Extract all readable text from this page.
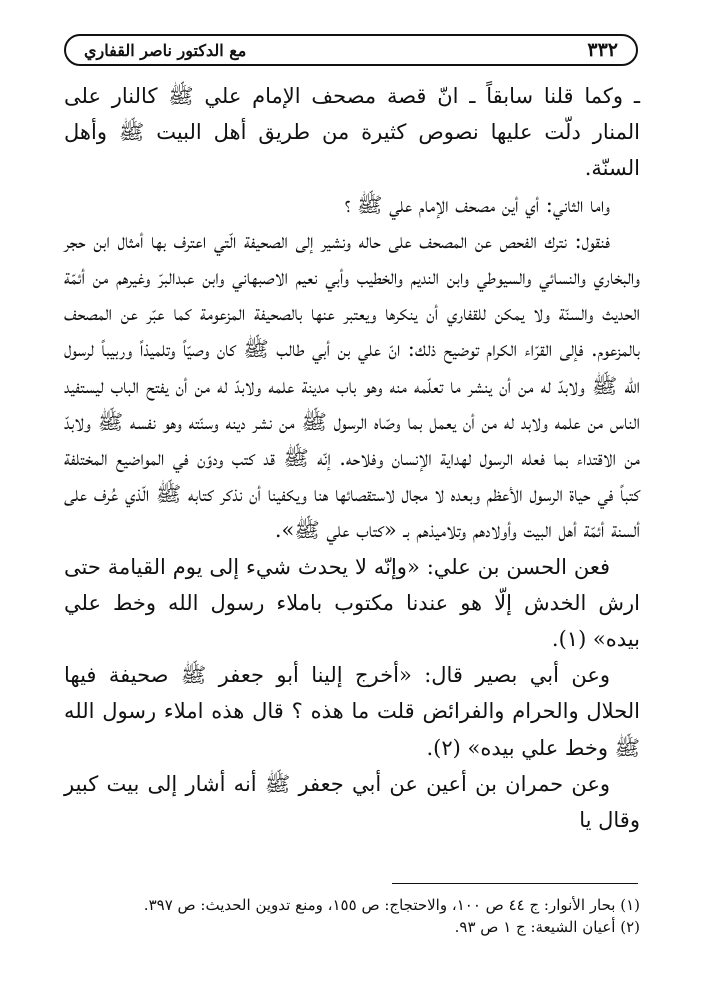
٣٣٢
مع الدكتور ناصر القفاري

ـ وكما قلنا سابقاً ـ انّ قصة مصحف الإمام علي ﷺ كالنار على المنار دلّت عليها نصوص كثيرة من طريق أهل البيت ﷺ وأهل السنّة.

واما الثاني: أي أين مصحف الإمام علي ﷺ ؟

فنقول: نترك الفحص عن المصحف على حاله ونشير إلى الصحيفة الّتي اعترف بها أمثال ابن حجر والبخاري والنسائي والسيوطي وابن النديم والخطيب وأبي نعيم الاصبهاني وابن عبدالبرّ وغيرهم من أئمّة الحديث والسنّة ولا يمكن للقفاري أن ينكرها ويعتبر عنها بالصحيفة المزعومة كما عبّر عن المصحف بالمزعوم. فإلى القرّاء الكرام توضيح ذلك: انّ علي بن أبي طالب ﷺ كان وصيّاً وتلميذاً وربيباً لرسول الله ﷺ ولابدّ له من أن ينشر ما تعلّمه منه وهو باب مدينة علمه ولابدّ له من أن يفتح الباب ليستفيد الناس من علمه ولابد له من أن يعمل بما وصّاه الرسول ﷺ من نشر دينه وسنّته وهو نفسه ﷺ ولابدّ من الاقتداء بما فعله الرسول لهداية الإنسان وفلاحه. إنّه ﷺ قد كتب ودوّن في المواضيع المختلفة كتباً في حياة الرسول الأعظم وبعده لا مجال لاستقصائها هنا ويكفينا أن نذكر كتابه ﷺ الّذي عُرف على ألسنة أئمّة أهل البيت وأولادهم وتلاميذهم بـ «كتاب علي ﷺ».

فعن الحسن بن علي: «وإنّه لا يحدث شيء إلى يوم القيامة حتى ارش الخدش إلّا هو عندنا مكتوب باملاء رسول الله وخط علي بيده» (١).

وعن أبي بصير قال: «أخرج إلينا أبو جعفر ﷺ صحيفة فيها الحلال والحرام والفرائض قلت ما هذه ؟ قال هذه املاء رسول الله ﷺ وخط علي بيده» (٢).

وعن حمران بن أعين عن أبي جعفر ﷺ أنه أشار إلى بيت كبير وقال يا

(١) بحار الأنوار: ج ٤٤ ص ١٠٠، والاحتجاج: ص ١٥٥، ومنع تدوين الحديث: ص ٣٩٧.

(٢) أعيان الشيعة: ج ١ ص ٩٣.
